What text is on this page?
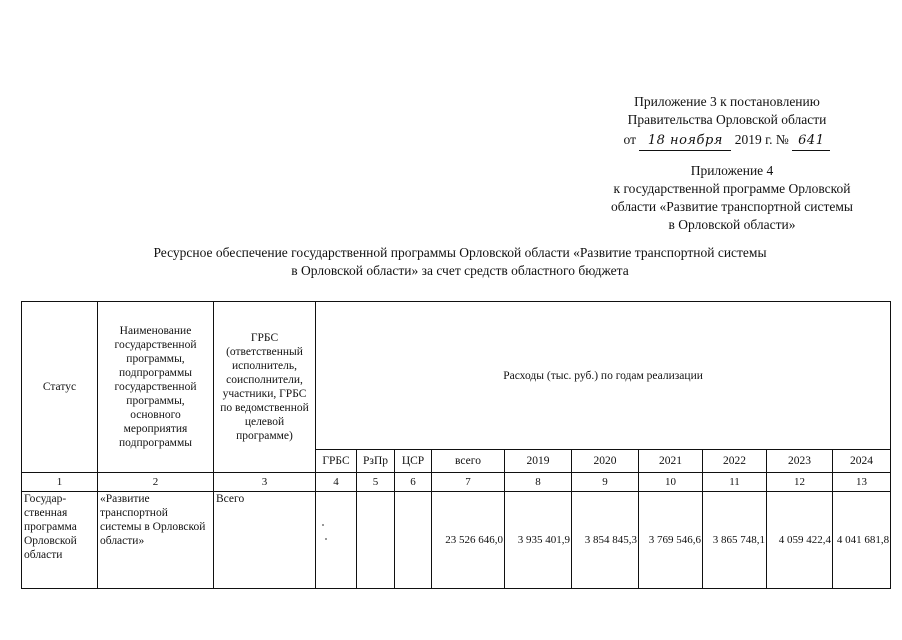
Приложение 3 к постановлению
Правительства Орловской области
от 18 ноября 2019 г. № 641
Приложение 4
к государственной программе Орловской
области «Развитие транспортной системы
в Орловской области»
Ресурсное обеспечение государственной программы Орловской области «Развитие транспортной системы
в Орловской области» за счет средств областного бюджета
Статус	Наименование государственной программы, подпрограммы государственной программы, основного мероприятия подпрограммы	ГРБС (ответственный исполнитель, соисполнители, участники, ГРБС по ведомственной целевой программе)	Расходы (тыс. руб.) по годам реализации									
			ГРБС	РзПр	ЦСР	всего	2019	2020	2021	2022	2023	2024
1	2	3	4	5	6	7	8	9	10	11	12	13
Государ-ственная программа Орловской области	«Развитие транспортной системы в Орловской области»	Всего				23 526 646,0	3 935 401,9	3 854 845,3	3 769 546,6	3 865 748,1	4 059 422,4	4 041 681,8
